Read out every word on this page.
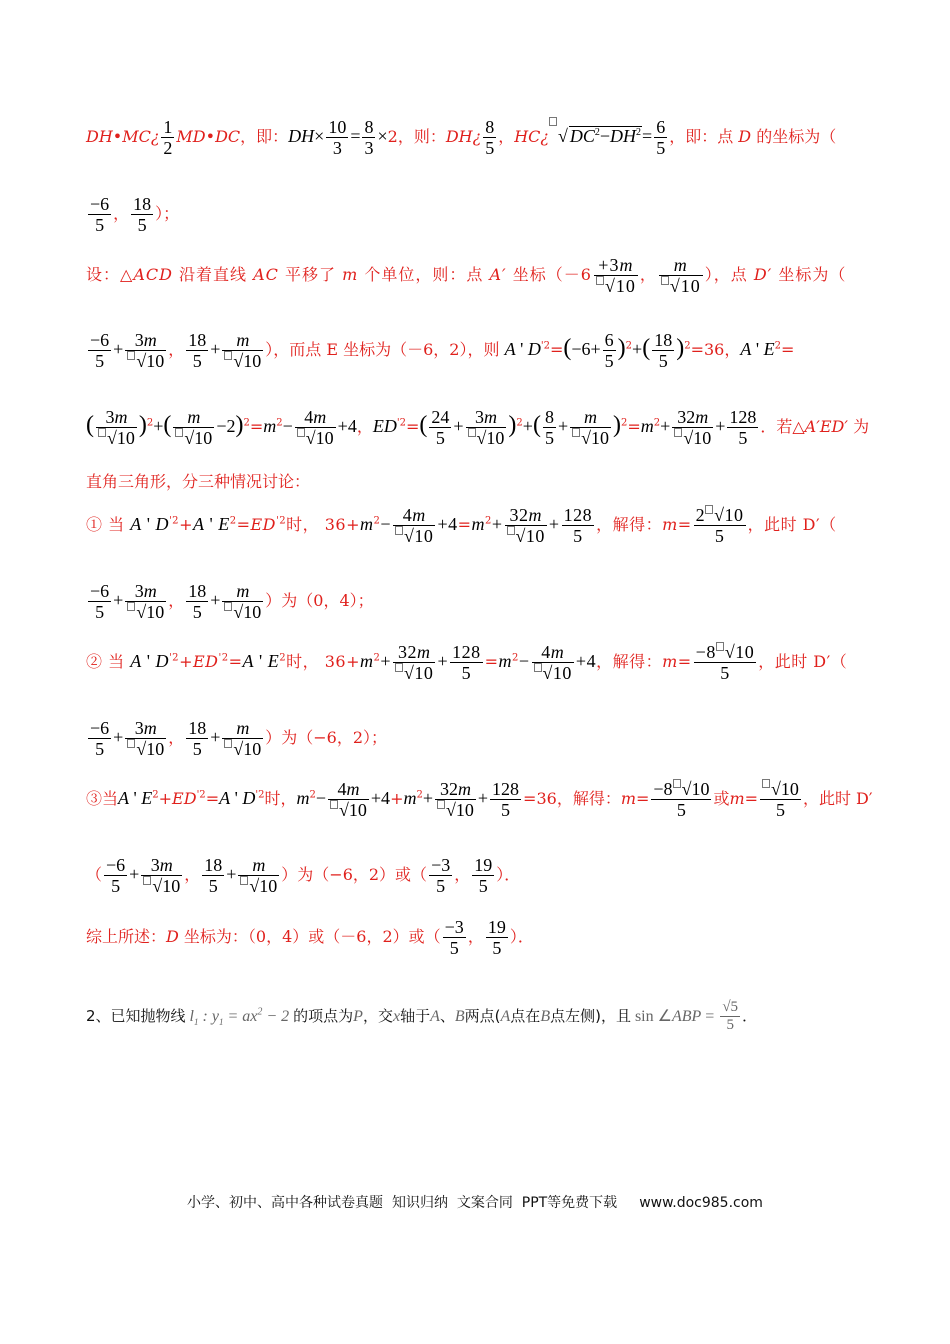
DH•MC¿ $\frac{1}{2}$ MD•DC，即：$DH\times \frac{10}{3} = \frac{8}{3} \times 2$，则：DH¿ $\frac{8}{5}$ ，HC¿ √ $DC^2-DH^2= \frac{6}{5}$ ，即：点 D 的坐标为（
$\frac{-6}{5}$ ， $\frac{18}{5}$ ）；
设：△ACD 沿着直线 AC 平移了 m 个单位，则：点 A′ 坐标（$-6 \frac{+3m}{√10}$ ， $\frac{m}{√10}$ ），点 D′ 坐标为（
$\frac{-6}{5} + \frac{3m}{√10}$ ， $\frac{18}{5} + \frac{m}{√10}$ ），而点 E 坐标为（－6，2），则 A ' $D^{'2}=(-6+ \frac{6}{5} )^2+( \frac{18}{5} )^2=36$，A ' $E^2=$
( $\frac{3m}{√10} )^2+( \frac{m}{√10} -2)^2=m^2- \frac{4m}{√10} +4$，$ED^{'2}=( \frac{24}{5} + \frac{3m}{√10} )^2+( \frac{8}{5} + \frac{m}{√10} )^2=m^2+ \frac{32m}{√10} + \frac{128}{5}$ ．若△A′ED′ 为
直角三角形，分三种情况讨论：
① 当 A ' $D^{'2}+A$ ' $E^2=ED^{'2}$时， $36+m^2- \frac{4m}{√10} +4=m^2+ \frac{32m}{√10} + \frac{128}{5}$ ，解得：$m= \frac{2 √10}{5}$ ，此时 D′（
$\frac{-6}{5} + \frac{3m}{√10}$ ， $\frac{18}{5} + \frac{m}{√10}$ ）为（0，4）；
② 当 A ' $D^{'2}+ED^{'2}=A$ ' $E^2$时， $36+m^2+ \frac{32m}{√10} + \frac{128}{5} =m^2- \frac{4m}{√10} +4$，解得：$m= \frac{-8 √10}{5}$ ，此时 D′（
$\frac{-6}{5} + \frac{3m}{√10}$ ， $\frac{18}{5} + \frac{m}{√10}$ ）为（−6，2）；
③当A ' $E^2+ED^{'2}=A$ ' $D^{'2}$时，$m^2- \frac{4m}{√10} +4+m^2+ \frac{32m}{√10} + \frac{128}{5} =36$，解得：$m= \frac{-8 √10}{5}$ 或$m= \frac{√10}{5}$ ，此时 D′
（ $\frac{-6}{5} + \frac{3m}{√10}$ ， $\frac{18}{5} + \frac{m}{√10}$ ）为（−6，2）或（ $\frac{-3}{5}$ ， $\frac{19}{5}$ ）．
综上所述：D 坐标为：（0，4）或（－6，2）或（ $\frac{-3}{5}$ ， $\frac{19}{5}$ ）．
2、已知抛物线 $l_1$ : $y_1 = ax^2 - 2$ 的项点为P，交x轴于A、B两点(A点在B点左侧)，且 sin ∠ABP = $\frac{√5}{5}$ ．
小学、初中、高中各种试卷真题  知识归纳  文案合同  PPT等免费下载 www.doc985.com
